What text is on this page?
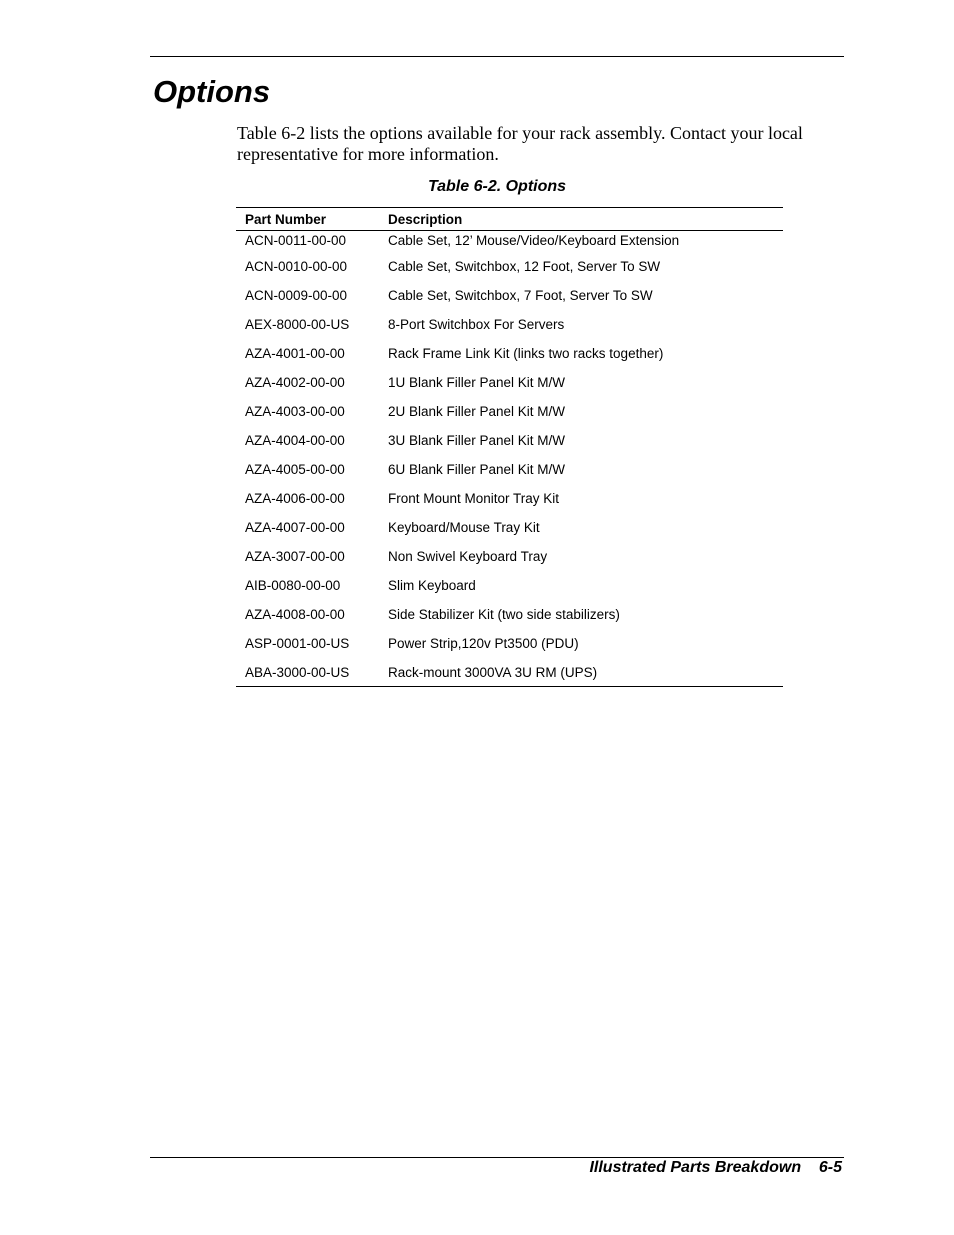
Options

Table 6-2 lists the options available for your rack assembly. Contact your local representative for more information.

Table 6-2. Options
Part Number	Description
ACN-0011-00-00	Cable Set, 12’ Mouse/Video/Keyboard Extension
ACN-0010-00-00	Cable Set, Switchbox, 12 Foot, Server To SW
ACN-0009-00-00	Cable Set, Switchbox, 7 Foot, Server To SW
AEX-8000-00-US	8-Port Switchbox For Servers
AZA-4001-00-00	Rack Frame Link Kit (links two racks together)
AZA-4002-00-00	1U Blank Filler Panel Kit M/W
AZA-4003-00-00	2U Blank Filler Panel Kit M/W
AZA-4004-00-00	3U Blank Filler Panel Kit M/W
AZA-4005-00-00	6U Blank Filler Panel Kit M/W
AZA-4006-00-00	Front Mount Monitor Tray Kit
AZA-4007-00-00	Keyboard/Mouse Tray Kit
AZA-3007-00-00	Non Swivel Keyboard Tray
AIB-0080-00-00	Slim Keyboard
AZA-4008-00-00	Side Stabilizer Kit (two side stabilizers)
ASP-0001-00-US	Power Strip,120v Pt3500 (PDU)
ABA-3000-00-US	Rack-mount 3000VA 3U RM (UPS)
Illustrated Parts Breakdown 6-5
